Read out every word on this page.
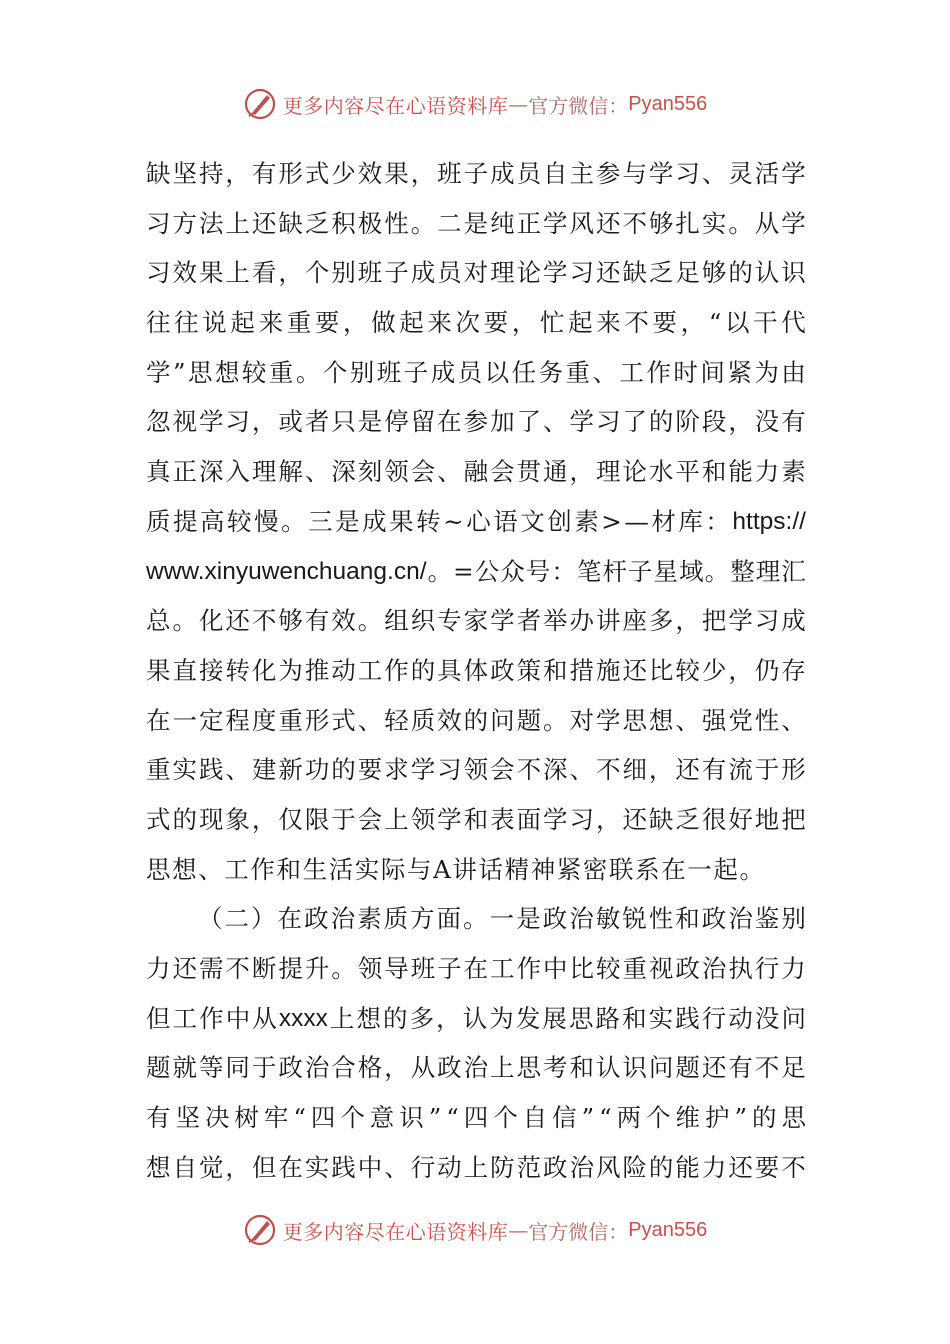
更多内容尽在心语资料库 — 官方微信： Pyan556
缺 坚 持 ， 有 形 式 少 效 果 ， 班 子 成 员 自 主 参 与 学 习 、 灵 活 学
习 方 法 上 还 缺 乏 积 极 性 。 二 是 纯 正 学 风 还 不 够 扎 实 。 从 学
习 效 果 上 看 ， 个 别 班 子 成 员 对 理 论 学 习 还 缺 乏 足 够 的 认 识
往 往 说 起 来 重 要 ， 做 起 来 次 要 ， 忙 起 来 不 要 ， “ 以 干 代
学 ” 思 想 较 重 。 个 别 班 子 成 员 以 任 务 重 、 工 作 时 间 紧 为 由
忽 视 学 习 ， 或 者 只 是 停 留 在 参 加 了 、 学 习 了 的 阶 段 ， 没 有
真 正 深 入 理 解 、 深 刻 领 会 、 融 会 贯 通 ， 理 论 水 平 和 能 力 素
质 提 高 较 慢 。 三 是 成 果 转 ~ 心 语 文 创 素 > — 材 库 ： https://
www.xinyuwenchuang.cn/ 。 = 公 众 号 ： 笔 杆 子 星 域 。 整 理 汇
总 。 化 还 不 够 有 效 。 组 织 专 家 学 者 举 办 讲 座 多 ， 把 学 习 成
果 直 接 转 化 为 推 动 工 作 的 具 体 政 策 和 措 施 还 比 较 少 ， 仍 存
在 一 定 程 度 重 形 式 、 轻 质 效 的 问 题 。 对 学 思 想 、 强 党 性 、
重 实 践 、 建 新 功 的 要 求 学 习 领 会 不 深 、 不 细 ， 还 有 流 于 形
式 的 现 象 ， 仅 限 于 会 上 领 学 和 表 面 学 习 ， 还 缺 乏 很 好 地 把
思想、工作和生活实际与A讲话精神紧密联系在一起。
（ 二 ） 在 政 治 素 质 方 面 。 一 是 政 治 敏 锐 性 和 政 治 鉴 别
力 还 需 不 断 提 升 。 领 导 班 子 在 工 作 中 比 较 重 视 政 治 执 行 力
但 工 作 中 从 xxxx 上 想 的 多 ， 认 为 发 展 思 路 和 实 践 行 动 没 问
题 就 等 同 于 政 治 合 格 ， 从 政 治 上 思 考 和 认 识 问 题 还 有 不 足
有 坚 决 树 牢 “ 四 个 意 识 ” “ 四 个 自 信 ” “ 两 个 维 护 ” 的 思
想 自 觉 ， 但 在 实 践 中 、 行 动 上 防 范 政 治 风 险 的 能 力 还 要 不
更多内容尽在心语资料库 — 官方微信： Pyan556
